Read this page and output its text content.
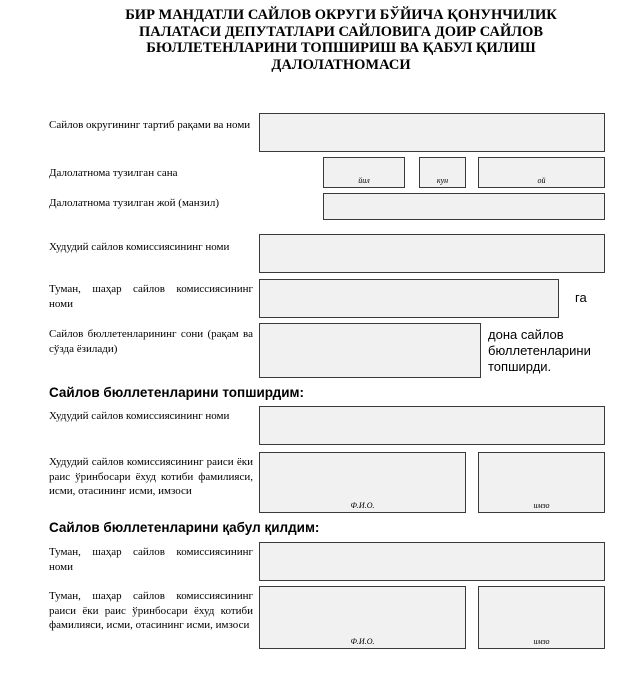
БИР МАНДАТЛИ САЙЛОВ ОКРУГИ БЎЙИЧА ҚОНУНЧИЛИК
ПАЛАТАСИ ДЕПУТАТЛАРИ САЙЛОВИГА ДОИР САЙЛОВ
БЮЛЛЕТЕНЛАРИНИ ТОПШИРИШ ВА ҚАБУЛ ҚИЛИШ
ДАЛОЛАТНОМАСИ
Сайлов округининг тартиб рақами ва номи
Далолатнома тузилган сана
йил	кун	ой
Далолатнома тузилган жой (манзил)
Худудий сайлов комиссиясининг номи
Туман, шаҳар сайлов комиссиясининг номи	га
Сайлов бюллетенларининг сони (рақам ва сўзда ёзилади)
дона сайлов бюллетенларини топширди.
Сайлов бюллетенларини топширдим:
Худудий сайлов комиссиясининг номи
Худудий сайлов комиссиясининг раиси ёки раис ўринбосари ёхуд котиби фамилияси, исми, отасининг исми, имзоси
Ф.И.О.	имзо
Сайлов бюллетенларини қабул қилдим:
Туман, шаҳар сайлов комиссиясининг номи
Туман, шаҳар сайлов комиссиясининг раиси ёки раис ўринбосари ёхуд котиби фамилияси, исми, отасининг исми, имзоси
Ф.И.О.	имзо
